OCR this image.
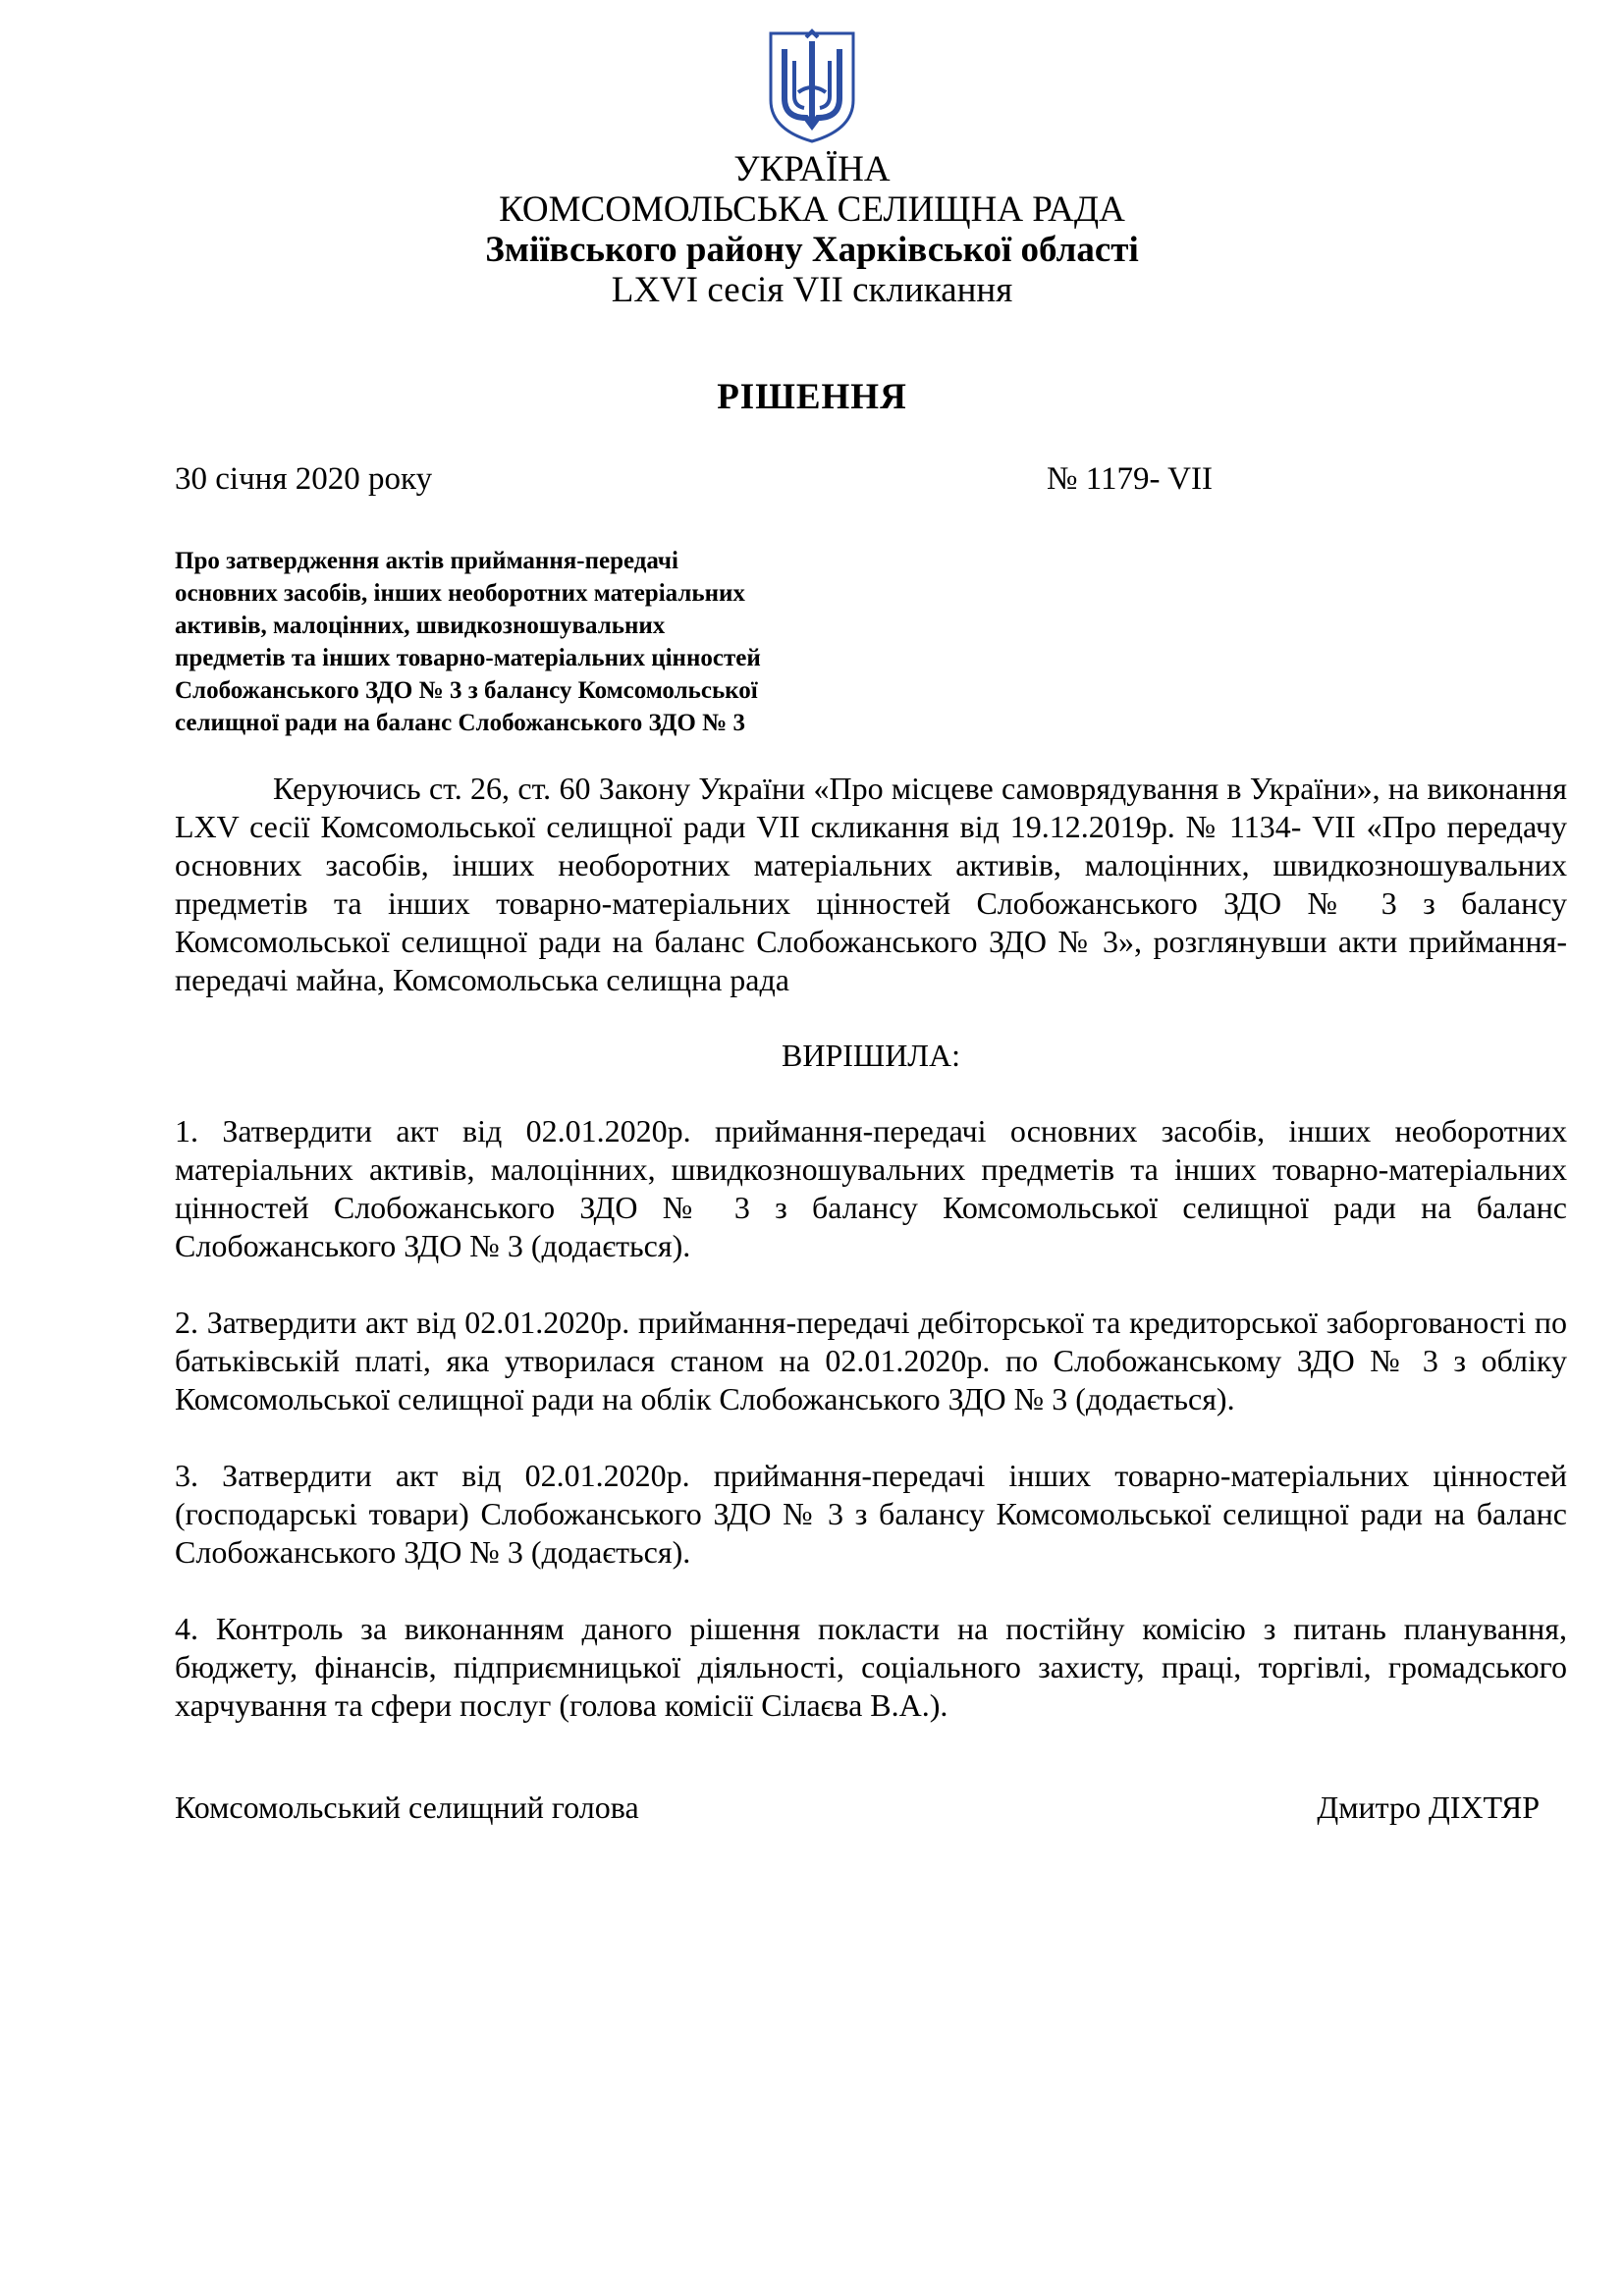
УКРАЇНА
КОМСОМОЛЬСЬКА СЕЛИЩНА РАДА
Зміївського району Харківської області
LXVI сесія VII скликання
РІШЕННЯ
30 січня 2020 року	№ 1179- VII
Про затвердження актів приймання-передачі
основних засобів, інших необоротних матеріальних
активів, малоцінних, швидкозношувальних
предметів та інших товарно-матеріальних цінностей
Слобожанського ЗДО № 3 з балансу Комсомольської
селищної ради на баланс Слобожанського ЗДО № 3

Керуючись ст. 26, ст. 60 Закону України «Про місцеве самоврядування в України», на виконання LXV сесії Комсомольської селищної ради VII скликання від 19.12.2019р. № 1134- VII «Про передачу основних засобів, інших необоротних матеріальних активів, малоцінних, швидкозношувальних предметів та інших товарно-матеріальних цінностей Слобожанського ЗДО № 3 з балансу Комсомольської селищної ради на баланс Слобожанського ЗДО № 3», розглянувши акти приймання-передачі майна, Комсомольська селищна рада

ВИРІШИЛА:

1. Затвердити акт від 02.01.2020р. приймання-передачі основних засобів, інших необоротних матеріальних активів, малоцінних, швидкозношувальних предметів та інших товарно-матеріальних цінностей Слобожанського ЗДО № 3 з балансу Комсомольської селищної ради на баланс Слобожанського ЗДО № 3 (додається).

2. Затвердити акт від 02.01.2020р. приймання-передачі дебіторської та кредиторської заборгованості по батьківській платі, яка утворилася станом на 02.01.2020р. по Слобожанському ЗДО № 3 з обліку Комсомольської селищної ради на облік Слобожанського ЗДО № 3 (додається).

3. Затвердити акт від 02.01.2020р. приймання-передачі інших товарно-матеріальних цінностей (господарські товари) Слобожанського ЗДО № 3 з балансу Комсомольської селищної ради на баланс Слобожанського ЗДО № 3 (додається).

4. Контроль за виконанням даного рішення покласти на постійну комісію з питань планування, бюджету, фінансів, підприємницької діяльності, соціального захисту, праці, торгівлі, громадського харчування та сфери послуг (голова комісії Сілаєва В.А.).

Комсомольський селищний голова	Дмитро ДІХТЯР
